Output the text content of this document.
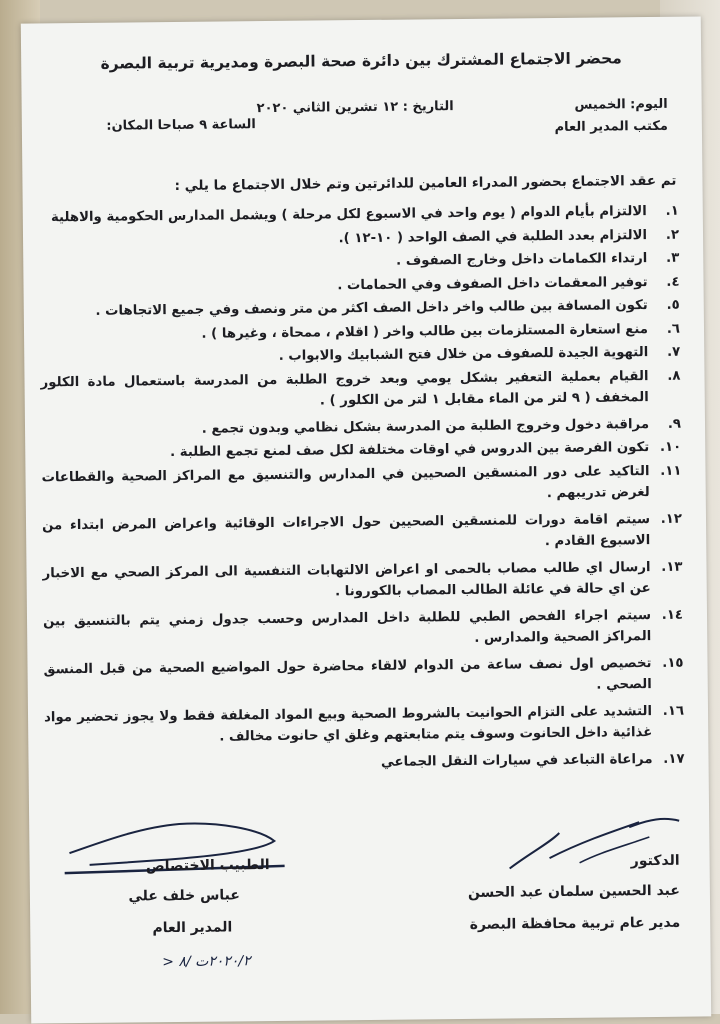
محضر الاجتماع المشترك بين دائرة صحة البصرة ومديرية تربية البصرة
اليوم: الخميس
التاريخ : ١٢ تشرين الثاني ٢٠٢٠
مكتب المدير العام
الساعة ٩ صباحا المكان:
تم عقد الاجتماع بحضور المدراء العامين للدائرتين وتم خلال الاجتماع ما يلي :
١.
الالتزام بأيام الدوام ( يوم واحد في الاسبوع لكل مرحلة ) ويشمل المدارس الحكومية والاهلية
٢.
الالتزام بعدد الطلبة في الصف الواحد ( ١٠-١٢ ).
٣.
ارتداء الكمامات داخل وخارج الصفوف .
٤.
توفير المعقمات داخل الصفوف وفي الحمامات .
٥.
تكون المسافة بين طالب واخر داخل الصف اكثر من متر ونصف وفي جميع الاتجاهات .
٦.
منع استعارة المستلزمات بين طالب واخر ( اقلام ، ممحاة ، وغيرها ) .
٧.
التهوية الجيدة للصفوف من خلال فتح الشبابيك والابواب .
٨.
القيام بعملية التعفير بشكل يومي وبعد خروج الطلبة من المدرسة باستعمال مادة الكلور المخفف ( ٩ لتر من الماء مقابل ١ لتر من الكلور ) .
٩.
مراقبة دخول وخروج الطلبة من المدرسة بشكل نظامي وبدون تجمع .
١٠.
تكون الفرصة بين الدروس في اوقات مختلفة لكل صف لمنع تجمع الطلبة .
١١.
التاكيد على دور المنسقين الصحيين في المدارس والتنسيق مع المراكز الصحية والقطاعات لغرض تدريبهم .
١٢.
سيتم اقامة دورات للمنسقين الصحيين حول الاجراءات الوقائية واعراض المرض ابتداء من الاسبوع القادم .
١٣.
ارسال اي طالب مصاب بالحمى او اعراض الالتهابات التنفسية الى المركز الصحي مع الاخبار عن اي حالة في عائلة الطالب المصاب بالكورونا .
١٤.
سيتم اجراء الفحص الطبي للطلبة داخل المدارس وحسب جدول زمني يتم بالتنسيق بين المراكز الصحية والمدارس .
١٥.
تخصيص اول نصف ساعة من الدوام لالقاء محاضرة حول المواضيع الصحية من قبل المنسق الصحي .
١٦.
التشديد على التزام الحوانيت بالشروط الصحية وبيع المواد المغلفة فقط ولا يجوز تحضير مواد غذائية داخل الحانوت وسوف يتم متابعتهم وغلق اي حانوت مخالف .
١٧.
مراعاة التباعد في سيارات النقل الجماعي
الدكتور
عبد الحسين سلمان عبد الحسن
مدير عام تربية محافظة البصرة
الطبيب الاختصاص
عباس خلف علي
المدير العام
٢٠٢٠/٢ت /٨ <
